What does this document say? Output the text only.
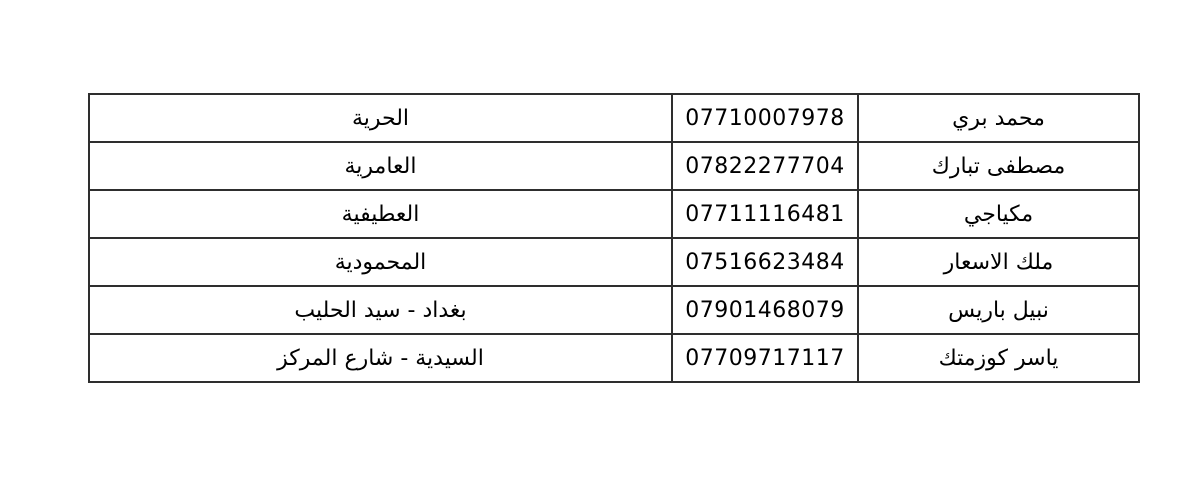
محمد بري	07710007978	الحرية
مصطفى تبارك	07822277704	العامرية
مكياجي	07711116481	العطيفية
ملك الاسعار	07516623484	المحمودية
نبيل باريس	07901468079	بغداد - سيد الحليب
ياسر كوزمتك	07709717117	السيدية - شارع المركز
